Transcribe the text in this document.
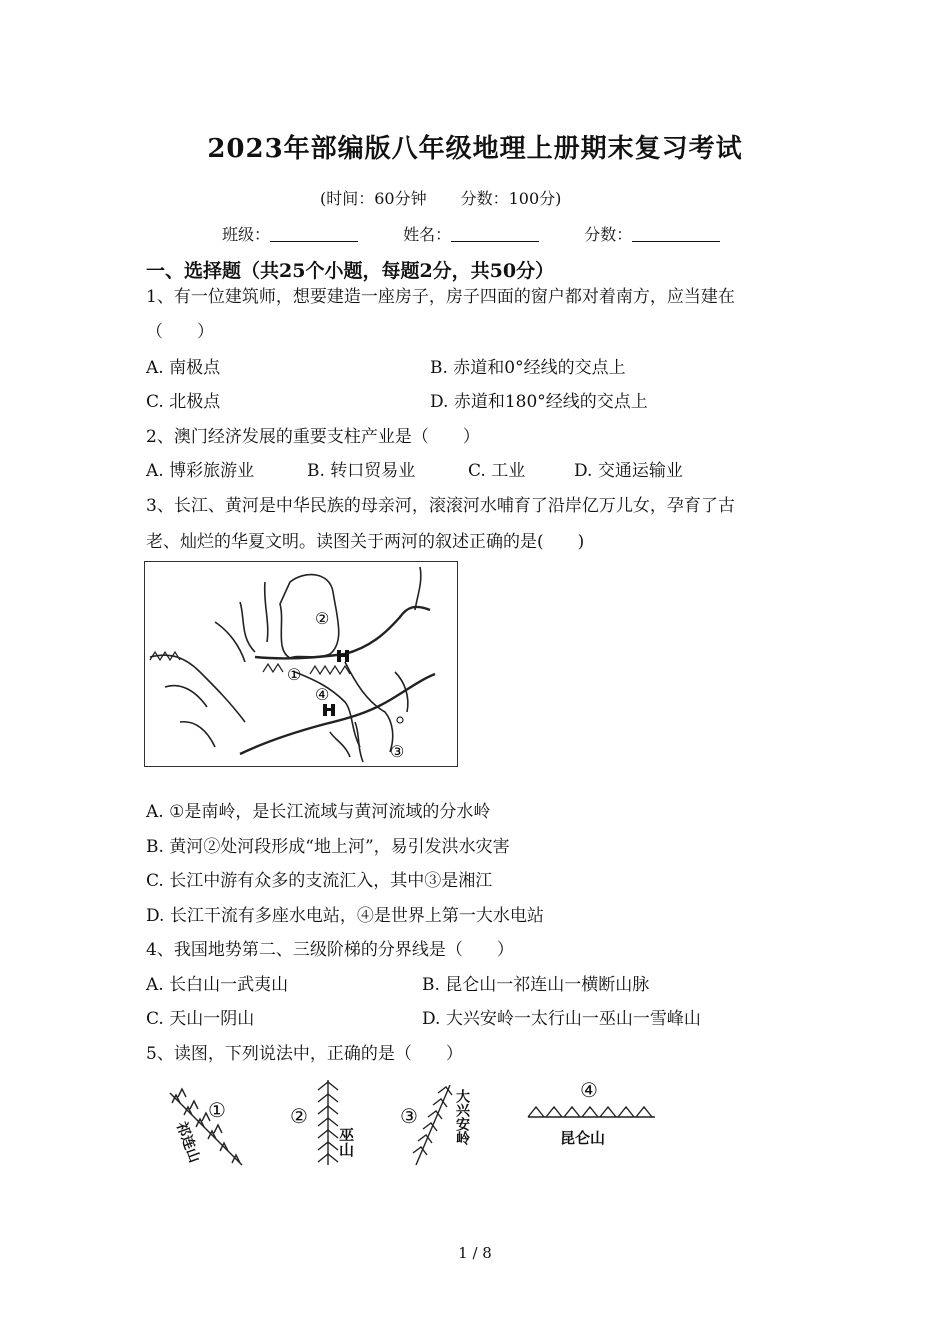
2023年部编版八年级地理上册期末复习考试
(时间：60分钟 分数：100分)
班级：	姓名：	分数：
一、选择题（共25个小题，每题2分，共50分）
1、有一位建筑师，想要建造一座房子，房子四面的窗户都对着南方，应当建在
（　　）
A. 南极点	B. 赤道和0°经线的交点上
C. 北极点	D. 赤道和180°经线的交点上
2、澳门经济发展的重要支柱产业是（　　）
A. 博彩旅游业	B. 转口贸易业	C. 工业	D. 交通运输业
3、长江、黄河是中华民族的母亲河，滚滚河水哺育了沿岸亿万儿女，孕育了古
老、灿烂的华夏文明。读图关于两河的叙述正确的是(　　)
②
①
④
③
A. ①是南岭，是长江流域与黄河流域的分水岭
B. 黄河②处河段形成“地上河”，易引发洪水灾害
C. 长江中游有众多的支流汇入，其中③是湘江
D. 长江干流有多座水电站，④是世界上第一大水电站
4、我国地势第二、三级阶梯的分界线是（　　）
A. 长白山一武夷山	B. 昆仑山一祁连山一横断山脉
C. 天山一阴山	D. 大兴安岭一太行山一巫山一雪峰山
5、读图，下列说法中，正确的是（　　）
①
祁连山
②
巫山
③	大兴安岭	④
昆仑山
1 / 8
